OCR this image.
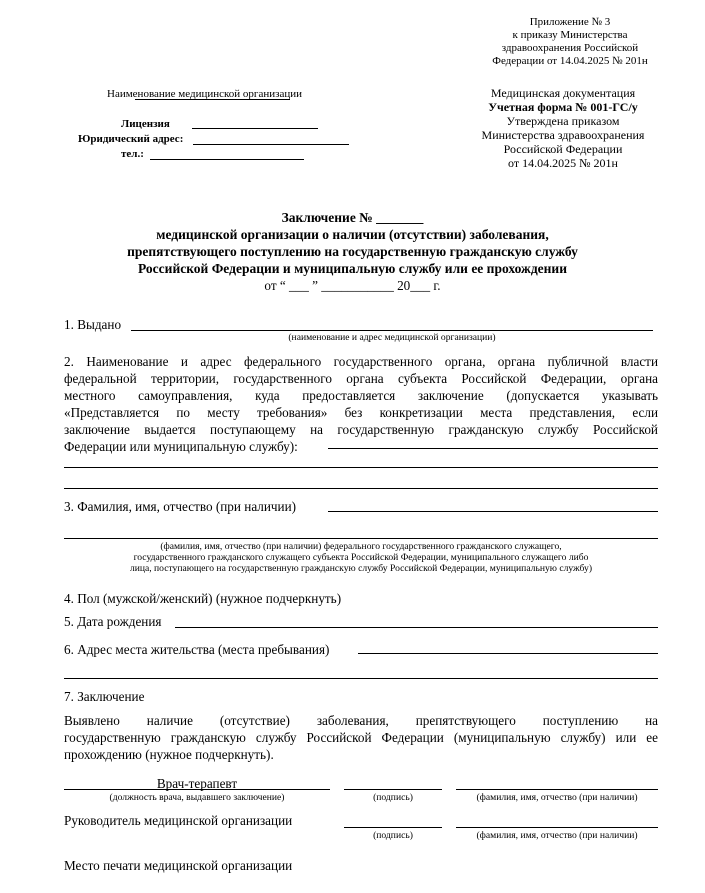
Приложение № 3
к приказу Министерства
здравоохранения Российской
Федерации от 14.04.2025 № 201н
Наименование медицинской организации
Лицензия
Юридический адрес:
тел.:
Медицинская документация
Учетная форма № 001-ГС/у
Утверждена приказом
Министерства здравоохранения
Российской Федерации
от 14.04.2025 № 201н
Заключение № _______
медицинской организации о наличии (отсутствии) заболевания,
препятствующего поступлению на государственную гражданскую службу
Российской Федерации и муниципальную службу или ее прохождении
от “ ___ ” ___________ 20___ г.
1. Выдано
(наименование и адрес медицинской организации)
2. Наименование и адрес федерального государственного органа, органа публичной власти
федеральной территории, государственного органа субъекта Российской Федерации, органа
местного самоуправления, куда предоставляется заключение (допускается указывать
«Представляется по месту требования» без конкретизации места представления, если
заключение выдается поступающему на государственную гражданскую службу Российской
Федерации или муниципальную службу):
3. Фамилия, имя, отчество (при наличии)
(фамилия, имя, отчество (при наличии) федерального государственного гражданского служащего,
государственного гражданского служащего субъекта Российской Федерации, муниципального служащего либо
лица, поступающего на государственную гражданскую службу Российской Федерации, муниципальную службу)
4. Пол (мужской/женский) (нужное подчеркнуть)
5. Дата рождения
6. Адрес места жительства (места пребывания)
7. Заключение
Выявлено наличие (отсутствие) заболевания, препятствующего поступлению на
государственную гражданскую службу Российской Федерации (муниципальную службу) или ее
прохождению (нужное подчеркнуть).
Врач-терапевт
(должность врача, выдавшего заключение)	(подпись)	(фамилия, имя, отчество (при наличии)
Руководитель медицинской организации
(подпись)	(фамилия, имя, отчество (при наличии)
Место печати медицинской организации
